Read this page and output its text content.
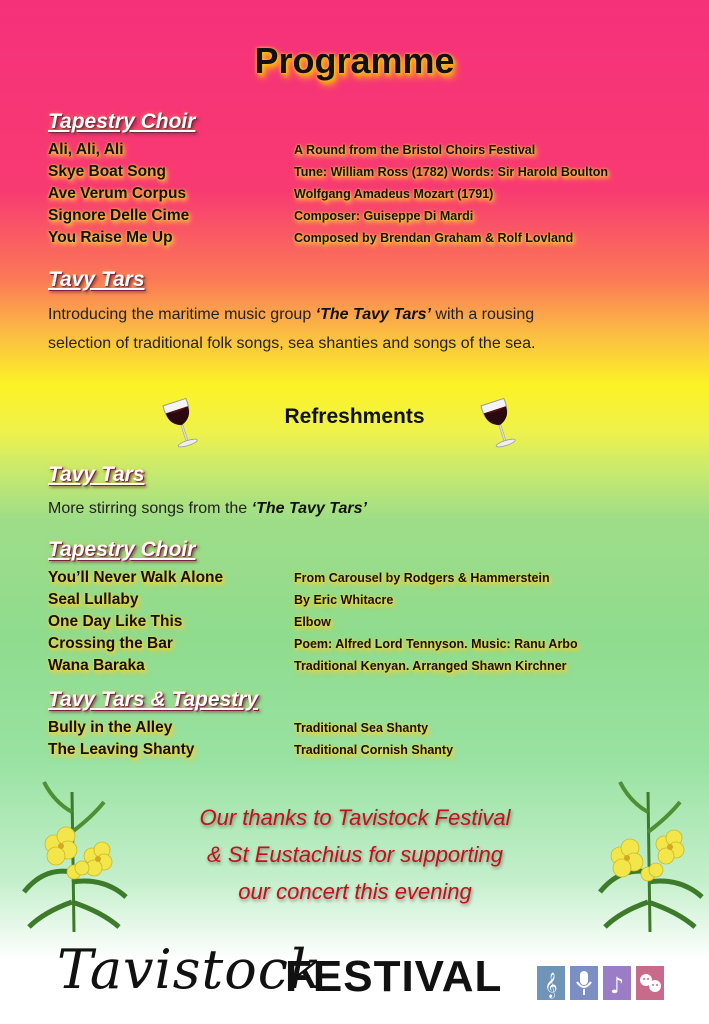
Programme
Tapestry Choir
Ali, Ali, Ali	A Round from the Bristol Choirs Festival
Skye Boat Song	Tune: William Ross (1782) Words: Sir Harold Boulton
Ave Verum Corpus	Wolfgang Amadeus Mozart (1791)
Signore Delle Cime	Composer: Guiseppe Di Mardi
You Raise Me Up	Composed by Brendan Graham & Rolf Lovland
Tavy Tars
Introducing the maritime music group ‘The Tavy Tars’ with a rousing
selection of traditional folk songs, sea shanties and songs of the sea.
Refreshments
Tavy Tars
More stirring songs from the ‘The Tavy Tars’
Tapestry Choir
You’ll Never Walk Alone	From Carousel by Rodgers & Hammerstein
Seal Lullaby	By Eric Whitacre
One Day Like This	Elbow
Crossing the Bar	Poem: Alfred Lord Tennyson. Music: Ranu Arbo
Wana Baraka	Traditional Kenyan. Arranged Shawn Kirchner
Tavy Tars & Tapestry
Bully in the Alley	Traditional Sea Shanty
The Leaving Shanty	Traditional Cornish Shanty
Our thanks to Tavistock Festival
& St Eustachius for supporting
our concert this evening
Tavistock
FESTIVAL 𝄞 ♪
